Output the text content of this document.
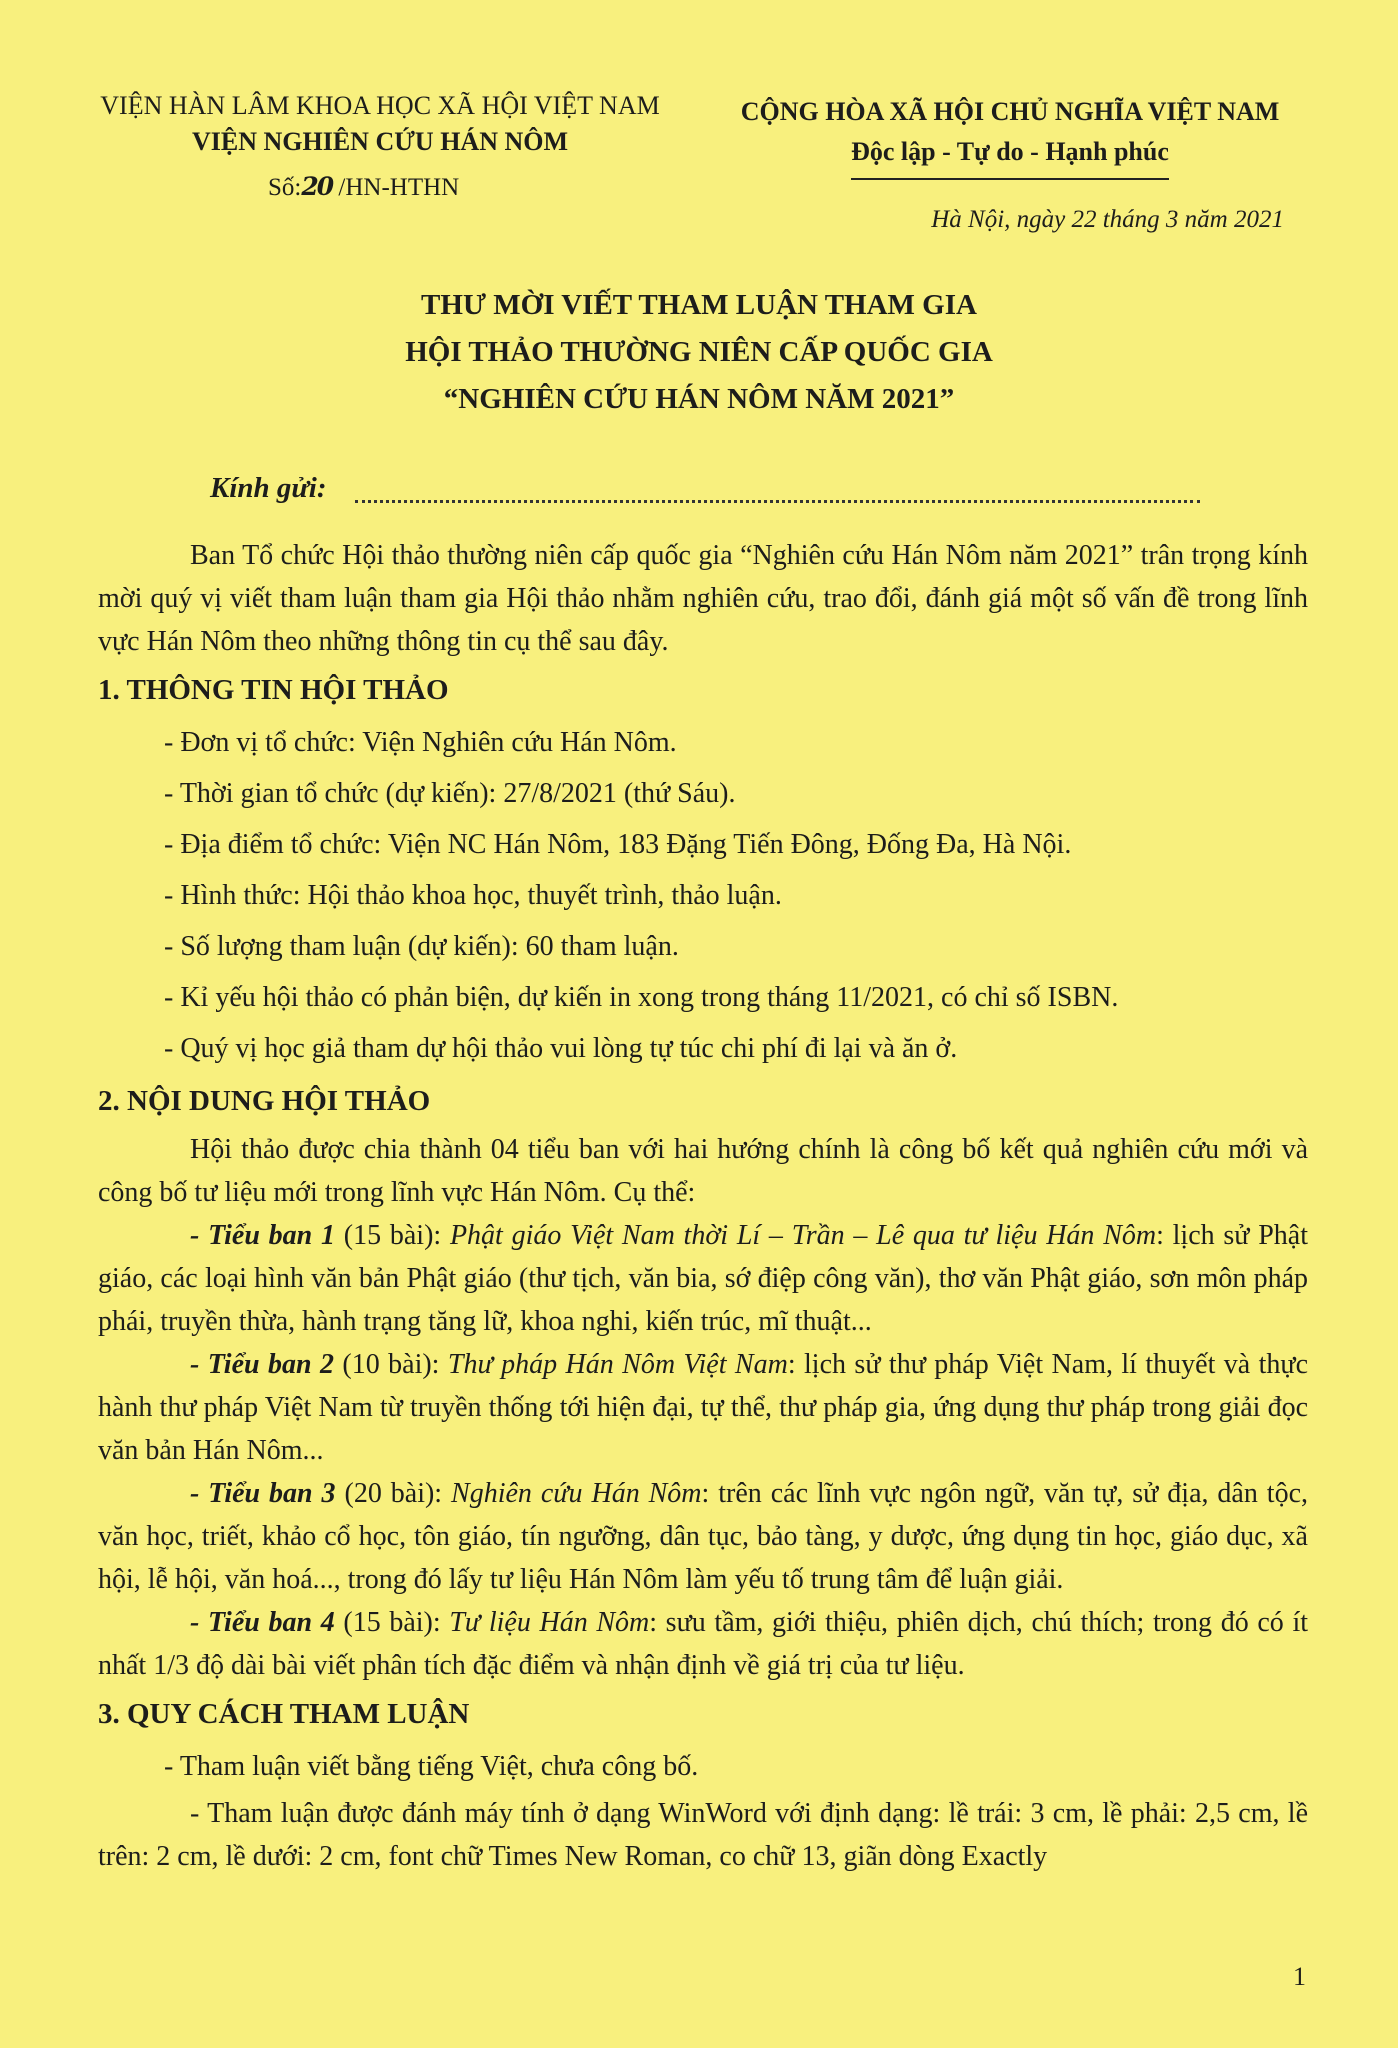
VIỆN HÀN LÂM KHOA HỌC XÃ HỘI VIỆT NAM
VIỆN NGHIÊN CỨU HÁN NÔM
Số:20 /HN-HTHN
CỘNG HÒA XÃ HỘI CHỦ NGHĨA VIỆT NAM
Độc lập - Tự do - Hạnh phúc
Hà Nội, ngày 22 tháng 3 năm 2021
THƯ MỜI VIẾT THAM LUẬN THAM GIA
HỘI THẢO THƯỜNG NIÊN CẤP QUỐC GIA
“NGHIÊN CỨU HÁN NÔM NĂM 2021”
Kính gửi:

Ban Tổ chức Hội thảo thường niên cấp quốc gia “Nghiên cứu Hán Nôm năm 2021” trân trọng kính mời quý vị viết tham luận tham gia Hội thảo nhằm nghiên cứu, trao đổi, đánh giá một số vấn đề trong lĩnh vực Hán Nôm theo những thông tin cụ thể sau đây.

1. THÔNG TIN HỘI THẢO

- Đơn vị tổ chức: Viện Nghiên cứu Hán Nôm.

- Thời gian tổ chức (dự kiến): 27/8/2021 (thứ Sáu).

- Địa điểm tổ chức: Viện NC Hán Nôm, 183 Đặng Tiến Đông, Đống Đa, Hà Nội.

- Hình thức: Hội thảo khoa học, thuyết trình, thảo luận.

- Số lượng tham luận (dự kiến): 60 tham luận.

- Kỉ yếu hội thảo có phản biện, dự kiến in xong trong tháng 11/2021, có chỉ số ISBN.

- Quý vị học giả tham dự hội thảo vui lòng tự túc chi phí đi lại và ăn ở.

2. NỘI DUNG HỘI THẢO

Hội thảo được chia thành 04 tiểu ban với hai hướng chính là công bố kết quả nghiên cứu mới và công bố tư liệu mới trong lĩnh vực Hán Nôm. Cụ thể:

- Tiểu ban 1 (15 bài): Phật giáo Việt Nam thời Lí – Trần – Lê qua tư liệu Hán Nôm: lịch sử Phật giáo, các loại hình văn bản Phật giáo (thư tịch, văn bia, sớ điệp công văn), thơ văn Phật giáo, sơn môn pháp phái, truyền thừa, hành trạng tăng lữ, khoa nghi, kiến trúc, mĩ thuật...

- Tiểu ban 2 (10 bài): Thư pháp Hán Nôm Việt Nam: lịch sử thư pháp Việt Nam, lí thuyết và thực hành thư pháp Việt Nam từ truyền thống tới hiện đại, tự thể, thư pháp gia, ứng dụng thư pháp trong giải đọc văn bản Hán Nôm...

- Tiểu ban 3 (20 bài): Nghiên cứu Hán Nôm: trên các lĩnh vực ngôn ngữ, văn tự, sử địa, dân tộc, văn học, triết, khảo cổ học, tôn giáo, tín ngưỡng, dân tục, bảo tàng, y dược, ứng dụng tin học, giáo dục, xã hội, lễ hội, văn hoá..., trong đó lấy tư liệu Hán Nôm làm yếu tố trung tâm để luận giải.

- Tiểu ban 4 (15 bài): Tư liệu Hán Nôm: sưu tầm, giới thiệu, phiên dịch, chú thích; trong đó có ít nhất 1/3 độ dài bài viết phân tích đặc điểm và nhận định về giá trị của tư liệu.

3. QUY CÁCH THAM LUẬN

- Tham luận viết bằng tiếng Việt, chưa công bố.

- Tham luận được đánh máy tính ở dạng WinWord với định dạng: lề trái: 3 cm, lề phải: 2,5 cm, lề trên: 2 cm, lề dưới: 2 cm, font chữ Times New Roman, co chữ 13, giãn dòng Exactly

1
